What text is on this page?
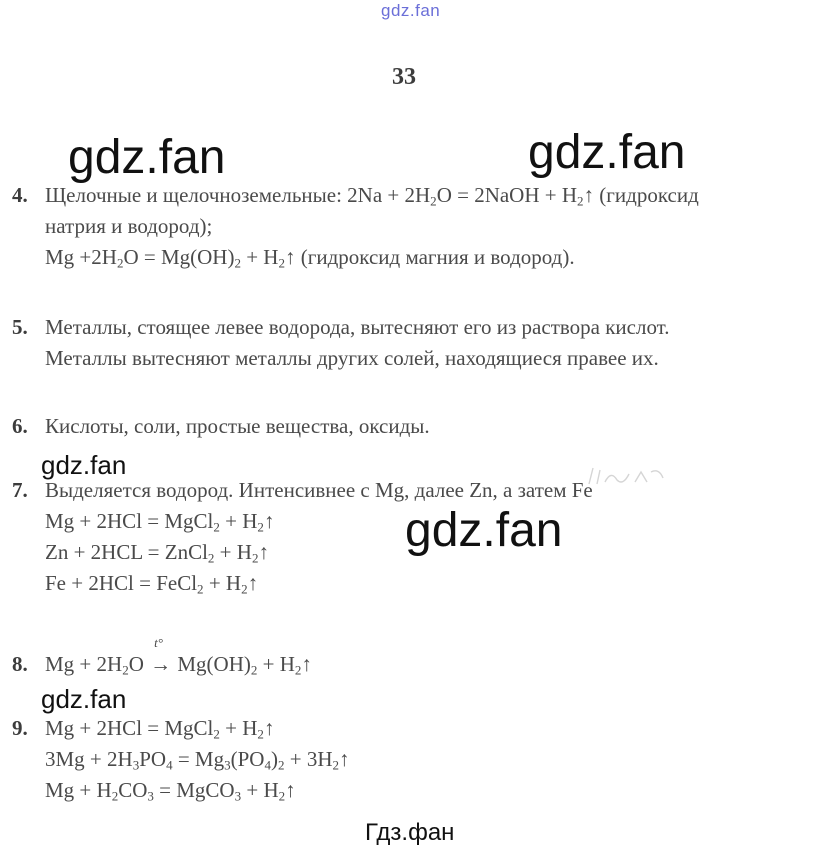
gdz.fan
33
gdz.fan	gdz.fan
4. Щелочные и щелочноземельные: $2Na + 2H_2O$ = 2NaOH + $H_2↑$ (гидроксид
натрия и водород);
$Mg +2H_2O = Mg(OH)_2$ + $H_2↑$ (гидроксид магния и водород).
5. Металлы, стоящее левее водорода, вытесняют его из раствора кислот.
Металлы вытесняют металлы других солей, находящиеся правее их.
6. Кислоты, соли, простые вещества, оксиды.
gdz.fan
7. Выделяется водород. Интенсивнее с Mg, далее Zn, а затем Fe
Mg + 2HCl = MgCl$_2$ + $H_2↑$
Zn + 2HCL = ZnCl$_2$ + $H_2↑$
Fe + 2HCl = FeCl$_2$ + $H_2↑$
gdz.fan
8. $Mg + 2H_2O$
t°
→ $Mg(OH)_2$ + $H_2↑$
gdz.fan
9. Mg + 2HCl = MgCl$_2$ + $H_2↑$
$3Mg + 2H_3PO_4 = Mg_3(PO_4)_2$ + $3H_2↑$
$Mg + H_2CO_3$ = MgCO$_3$ + $H_2↑$
Гдз.фан
